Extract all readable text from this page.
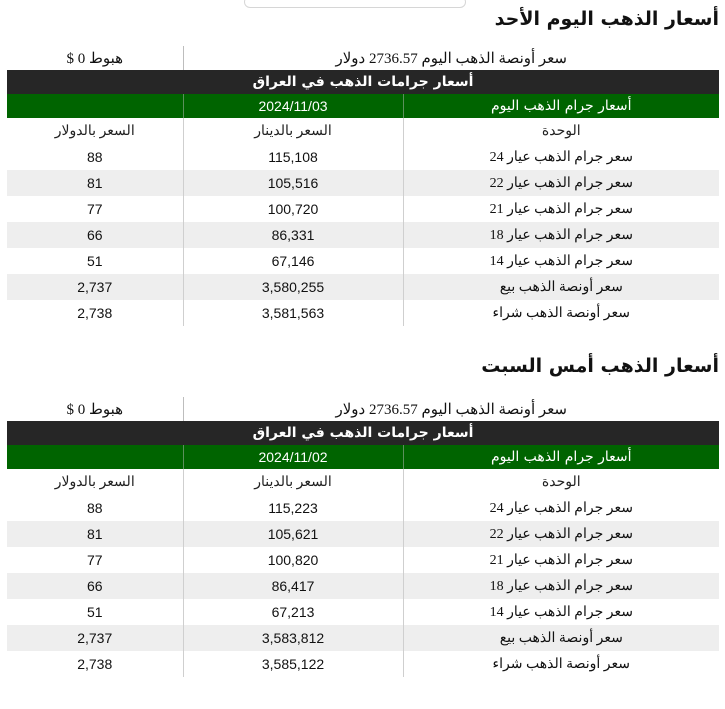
أسعار الذهب اليوم الأحد
سعر أونصة الذهب اليوم 2736.57 دولار		هبوط 0 $
أسعار جرامات الذهب في العراق		
أسعار جرام الذهب اليوم	2024/11/03	
الوحدة	السعر بالدينار	السعر بالدولار
سعر جرام الذهب عيار 24	115,108	88
سعر جرام الذهب عيار 22	105,516	81
سعر جرام الذهب عيار 21	100,720	77
سعر جرام الذهب عيار 18	86,331	66
سعر جرام الذهب عيار 14	67,146	51
سعر أونصة الذهب بيع	3,580,255	2,737
سعر أونصة الذهب شراء	3,581,563	2,738
أسعار الذهب أمس السبت
سعر أونصة الذهب اليوم 2736.57 دولار		هبوط 0 $
أسعار جرامات الذهب في العراق		
أسعار جرام الذهب اليوم	2024/11/02	
الوحدة	السعر بالدينار	السعر بالدولار
سعر جرام الذهب عيار 24	115,223	88
سعر جرام الذهب عيار 22	105,621	81
سعر جرام الذهب عيار 21	100,820	77
سعر جرام الذهب عيار 18	86,417	66
سعر جرام الذهب عيار 14	67,213	51
سعر أونصة الذهب بيع	3,583,812	2,737
سعر أونصة الذهب شراء	3,585,122	2,738
